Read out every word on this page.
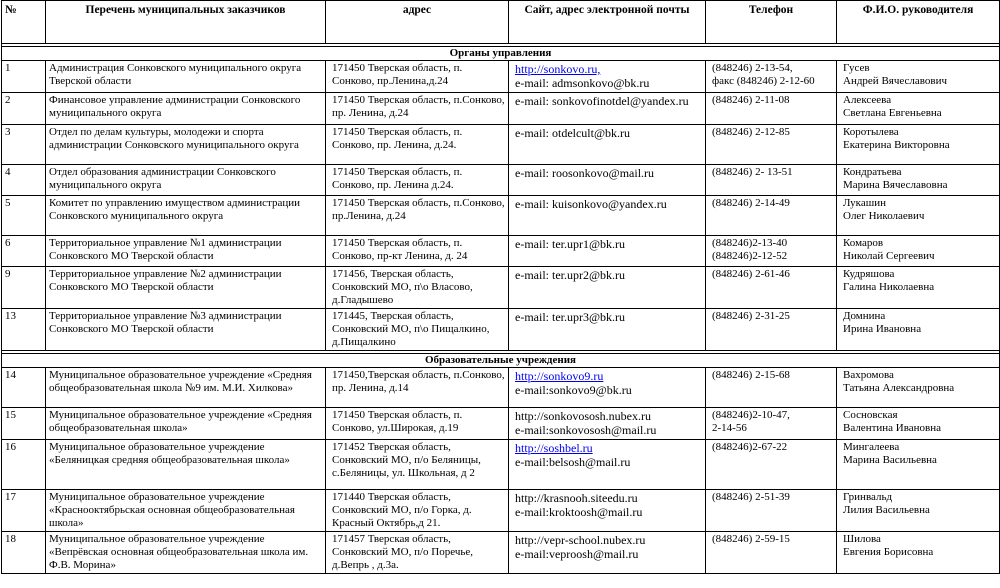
№	Перечень муниципальных заказчиков	адрес	Сайт, адрес электронной почты	Телефон	Ф.И.О. руководителя

Органы управления					
1	Администрация Сонковского муниципального округа Тверской области	171450 Тверская область, п. Сонково, пр.Ленина,д.24	http://sonkovo.ru,
e-mail: admsonkovo@bk.ru	(848246) 2-13-54,
факс (848246) 2-12-60	Гусев
Андрей Вячеславович

2	Финансовое управление администрации Сонковского муниципального округа	171450 Тверская область, п.Сонково, пр. Ленина, д.24	e-mail: sonkovofinotdel@yandex.ru	(848246) 2-11-08	Алексеева
Светлана Евгеньевна

3	Отдел по делам культуры, молодежи и спорта администрации Сонковского муниципального округа	171450 Тверская область, п. Сонково, пр. Ленина, д.24.	e-mail: otdelcult@bk.ru	(848246) 2-12-85	Коротылева
Екатерина Викторовна

4	Отдел образования администрации Сонковского муниципального округа	171450 Тверская область, п. Сонково, пр. Ленина д.24.	e-mail: roosonkovo@mail.ru	(848246) 2- 13-51	Кондратьева
Марина Вячеславовна

5	Комитет по управлению имуществом администрации Сонковского муниципального округа	171450 Тверская область, п.Сонково, пр.Ленина, д.24	e-mail: kuisonkovo@yandex.ru	(848246) 2-14-49	Лукашин
Олег Николаевич

6	Территориальное управление №1 администрации Сонковского МО Тверской области	171450 Тверская область, п. Сонково, пр-кт Ленина, д. 24	e-mail: ter.upr1@bk.ru	(848246)2-13-40
(848246)2-12-52	Комаров
Николай Сергеевич

9	Территориальное управление №2 администрации Сонковского МО Тверской области	171456, Тверская область, Сонковский МО, п\о Власово, д.Гладышево	e-mail: ter.upr2@bk.ru	(848246) 2-61-46	Кудряшова
Галина Николаевна

13	Территориальное управление №3 администрации Сонковского МО Тверской области	171445, Тверская область, Сонковский МО, п\о Пищалкино, д.Пищалкино	e-mail: ter.upr3@bk.ru	(848246) 2-31-25	Домнина
Ирина Ивановна

Образовательные учреждения					
14	Муниципальное образовательное учреждение «Средняя общеобразовательная школа №9 им. М.И. Хилкова»	171450,Тверская область, п.Сонково, пр. Ленина, д.14	http://sonkovo9.ru
e-mail:sonkovo9@bk.ru	(848246) 2-15-68	Вахромова
Татьяна Александровна

15	Муниципальное образовательное учреждение «Средняя общеобразовательная школа»	171450 Тверская область, п. Сонково, ул.Широкая, д.19	http://sonkovososh.nubex.ru
e-mail:sonkovososh@mail.ru	(848246)2-10-47,
2-14-56	Сосновская
Валентина Ивановна

16	Муниципальное образовательное учреждение «Беляницкая средняя общеобразовательная школа»	171452 Тверская область, Сонковский МО, п/о Беляницы, с.Беляницы, ул. Школьная, д 2	http://soshbel.ru
e-mail:belsosh@mail.ru	(848246)2-67-22	Мингалеева
Марина Васильевна

17	Муниципальное образовательное учреждение «Краснооктябрьская основная общеобразовательная школа»	171440 Тверская область, Сонковский МО, п/о Горка, д. Красный Октябрь,д 21.	http://krasnooh.siteedu.ru
e-mail:kroktoosh@mail.ru	(848246) 2-51-39	Гринвальд
Лилия Васильевна

18	Муниципальное образовательное учреждение «Вепрёвская основная общеобразовательная школа им. Ф.В. Морина»	171457 Тверская область, Сонковский МО, п/о Поречье, д.Вепрь , д.3а.	http://vepr-school.nubex.ru
e-mail:veproosh@mail.ru	(848246) 2-59-15	Шилова
Евгения Борисовна
